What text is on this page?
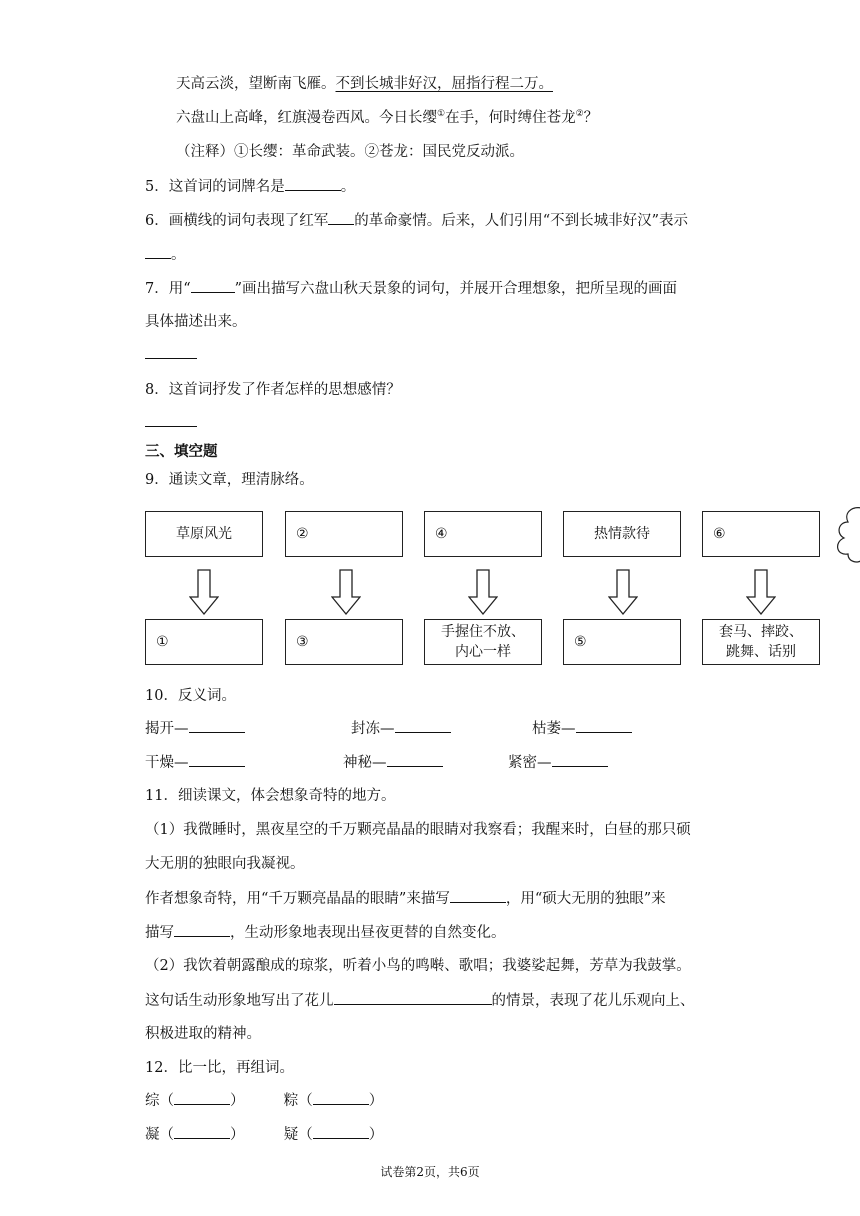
天高云淡，望断南飞雁。不到长城非好汉，屈指行程二万。
六盘山上高峰，红旗漫卷西风。今日长缨①在手，何时缚住苍龙②？
（注释）①长缨：革命武装。②苍龙：国民党反动派。
5．这首词的词牌名是	。
6．画横线的词句表现了红军 的革命豪情。后来，人们引用“不到长城非好汉”表示
。
7．用“	”画出描写六盘山秋天景象的词句，并展开合理想象，把所呈现的画面
具体描述出来。
8．这首词抒发了作者怎样的思想感情？
三、填空题
9．通读文章，理清脉络。
草原风光	②	④	热情款待	⑥
①	③
手握住不放、
内心一样
⑤
套马、摔跤、
跳舞、话别
10．反义词。
揭开—	封冻—	枯萎—
干燥—	神秘—	紧密—
11．细读课文，体会想象奇特的地方。
（1）我微睡时，黑夜星空的千万颗亮晶晶的眼睛对我察看；我醒来时，白昼的那只硕
大无朋的独眼向我凝视。
作者想象奇特，用“千万颗亮晶晶的眼睛”来描写	，用“硕大无朋的独眼”来
描写	，生动形象地表现出昼夜更替的自然变化。
（2）我饮着朝露酿成的琼浆，听着小鸟的鸣啭、歌唱；我婆娑起舞，芳草为我鼓掌。
这句话生动形象地写出了花儿	的情景，表现了花儿乐观向上、
积极进取的精神。
12．比一比，再组词。
综（	）	粽（	）
凝（	）	疑（	）
试卷第2页，共6页
